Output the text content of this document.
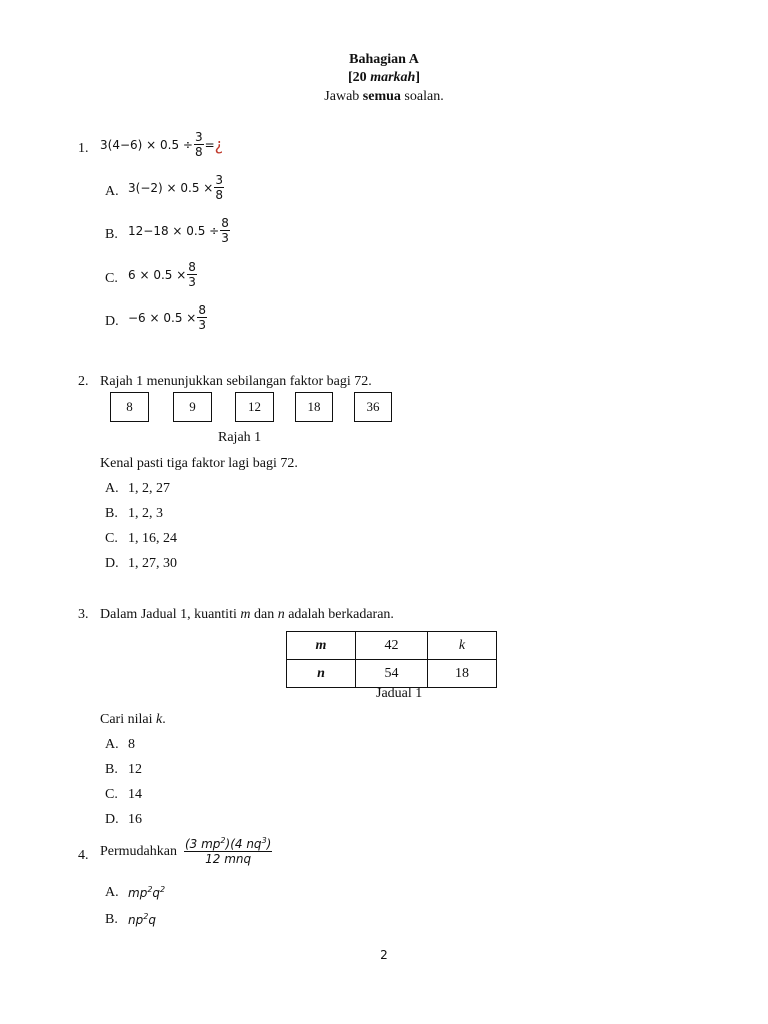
Bahagian A
[20 markah]
Jawab semua soalan.
1. $3(4-6) \times 0.5 \div \frac{3}{8}$ = ¿
A. $3(-2) \times 0.5 \times \frac{3}{8}$
B. $12-18 \times 0.5 \div \frac{8}{3}$
C. $6 \times 0.5 \times \frac{8}{3}$
D. $-6 \times 0.5 \times \frac{8}{3}$
2. Rajah 1 menunjukkan sebilangan faktor bagi 72.
8	9	12	18	36
Rajah 1
Kenal pasti tiga faktor lagi bagi 72.
A. 1, 2, 27
B. 1, 2, 3
C. 1, 16, 24
D. 1, 27, 30
3. Dalam Jadual 1, kuantiti m dan n adalah berkadaran.
m	42	k
n	54	18
Jadual 1
Cari nilai k.
A. 8
B. 12
C. 14
D. 16
4. Permudahkan $\frac{(3 mp^2)(4 nq^3)}{\text{12 mnq}}$
A. $mp^2q^2$
B. $np^2q$
2
